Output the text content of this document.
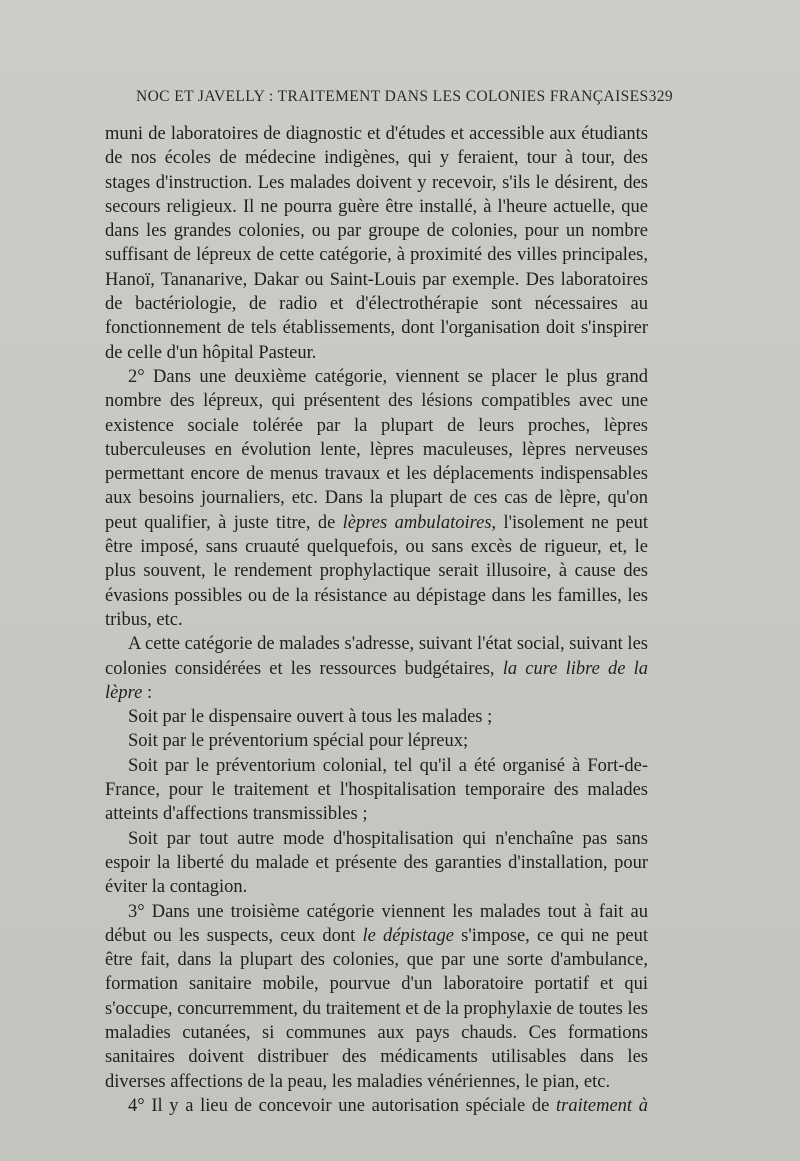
NOC ET JAVELLY : TRAITEMENT DANS LES COLONIES FRANÇAISES 329

muni de laboratoires de diagnostic et d'études et accessible aux étudiants de nos écoles de médecine indigènes, qui y feraient, tour à tour, des stages d'instruction. Les malades doivent y recevoir, s'ils le désirent, des secours religieux. Il ne pourra guère être installé, à l'heure actuelle, que dans les grandes colonies, ou par groupe de colonies, pour un nombre suffisant de lépreux de cette catégorie, à proximité des villes principales, Hanoï, Tananarive, Dakar ou Saint-Louis par exemple. Des laboratoires de bactériologie, de radio et d'électrothérapie sont nécessaires au fonctionnement de tels établissements, dont l'organisation doit s'inspirer de celle d'un hôpital Pasteur.

2° Dans une deuxième catégorie, viennent se placer le plus grand nombre des lépreux, qui présentent des lésions compatibles avec une existence sociale tolérée par la plupart de leurs proches, lèpres tuberculeuses en évolution lente, lèpres maculeuses, lèpres nerveuses permettant encore de menus travaux et les déplacements indispensables aux besoins journaliers, etc. Dans la plupart de ces cas de lèpre, qu'on peut qualifier, à juste titre, de lèpres ambulatoires, l'isolement ne peut être imposé, sans cruauté quelquefois, ou sans excès de rigueur, et, le plus souvent, le rendement prophylactique serait illusoire, à cause des évasions possibles ou de la résistance au dépistage dans les familles, les tribus, etc.

A cette catégorie de malades s'adresse, suivant l'état social, suivant les colonies considérées et les ressources budgétaires, la cure libre de la lèpre :

Soit par le dispensaire ouvert à tous les malades ;

Soit par le préventorium spécial pour lépreux;

Soit par le préventorium colonial, tel qu'il a été organisé à Fort-de-France, pour le traitement et l'hospitalisation temporaire des malades atteints d'affections transmissibles ;

Soit par tout autre mode d'hospitalisation qui n'enchaîne pas sans espoir la liberté du malade et présente des garanties d'installation, pour éviter la contagion.

3° Dans une troisième catégorie viennent les malades tout à fait au début ou les suspects, ceux dont le dépistage s'impose, ce qui ne peut être fait, dans la plupart des colonies, que par une sorte d'ambulance, formation sanitaire mobile, pourvue d'un laboratoire portatif et qui s'occupe, concurremment, du traitement et de la prophylaxie de toutes les maladies cutanées, si communes aux pays chauds. Ces formations sanitaires doivent distribuer des médicaments utilisables dans les diverses affections de la peau, les maladies vénériennes, le pian, etc.

4° Il y a lieu de concevoir une autorisation spéciale de traitement à
